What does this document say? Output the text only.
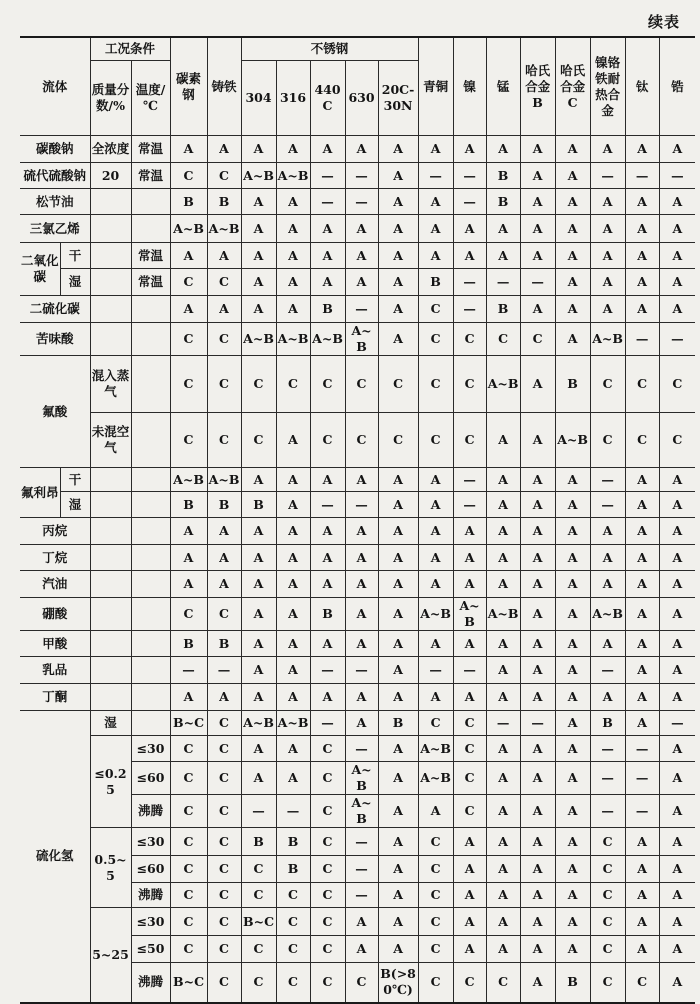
续表
流体		工况条件		碳素钢	铸铁	不锈钢					青铜	镍	锰	哈氏合金B	哈氏合金C	镍铬铁耐热合金	钛	锆
		质量分数/%	温度/℃			304	316	440C	630	20C-30N								
碳酸钠		全浓度	常温	A	A	A	A	A	A	A	A	A	A	A	A	A	A	A
硫代硫酸钠		20	常温	C	C	A~B	A~B	—	—	A	—	—	B	A	A	—	—	—
松节油				B	B	A	A	—	—	A	A	—	B	A	A	A	A	A
三氯乙烯				A~B	A~B	A	A	A	A	A	A	A	A	A	A	A	A	A
二氧化碳	干		常温	A	A	A	A	A	A	A	A	A	A	A	A	A	A	A
	湿		常温	C	C	A	A	A	A	A	B	—	—	—	A	A	A	A
二硫化碳				A	A	A	A	B	—	A	C	—	B	A	A	A	A	A
苦味酸				C	C	A~B	A~B	A~B	A~B	A	C	C	C	C	A	A~B	—	—
氟酸		混入蒸气		C	C	C	C	C	C	C	C	C	A~B	A	B	C	C	C
		未混空气		C	C	C	A	C	C	C	C	C	A	A	A~B	C	C	C
氟利昂	干			A~B	A~B	A	A	A	A	A	A	—	A	A	A	—	A	A
	湿			B	B	B	A	—	—	A	A	—	A	A	A	—	A	A
丙烷				A	A	A	A	A	A	A	A	A	A	A	A	A	A	A
丁烷				A	A	A	A	A	A	A	A	A	A	A	A	A	A	A
汽油				A	A	A	A	A	A	A	A	A	A	A	A	A	A	A
硼酸				C	C	A	A	B	A	A	A~B	A~B	A~B	A	A	A~B	A	A
甲酸				B	B	A	A	A	A	A	A	A	A	A	A	A	A	A
乳品				—	—	A	A	—	—	A	—	—	A	A	A	—	A	A
丁酮				A	A	A	A	A	A	A	A	A	A	A	A	A	A	A
硫化氢		湿		B~C	C	A~B	A~B	—	A	B	C	C	—	—	A	B	A	—
		≤0.25	≤30	C	C	A	A	C	—	A	A~B	C	A	A	A	—	—	A
			≤60	C	C	A	A	C	A~B	A	A~B	C	A	A	A	—	—	A
			沸腾	C	C	—	—	C	A~B	A	A	C	A	A	A	—	—	A
		0.5~5	≤30	C	C	B	B	C	—	A	C	A	A	A	A	C	A	A
			≤60	C	C	C	B	C	—	A	C	A	A	A	A	C	A	A
			沸腾	C	C	C	C	C	—	A	C	A	A	A	A	C	A	A
		5~25	≤30	C	C	B~C	C	C	A	A	C	A	A	A	A	C	A	A
			≤50	C	C	C	C	C	A	A	C	A	A	A	A	C	A	A
			沸腾	B~C	C	C	C	C	C	B(>80℃)	C	C	C	A	B	C	C	A
